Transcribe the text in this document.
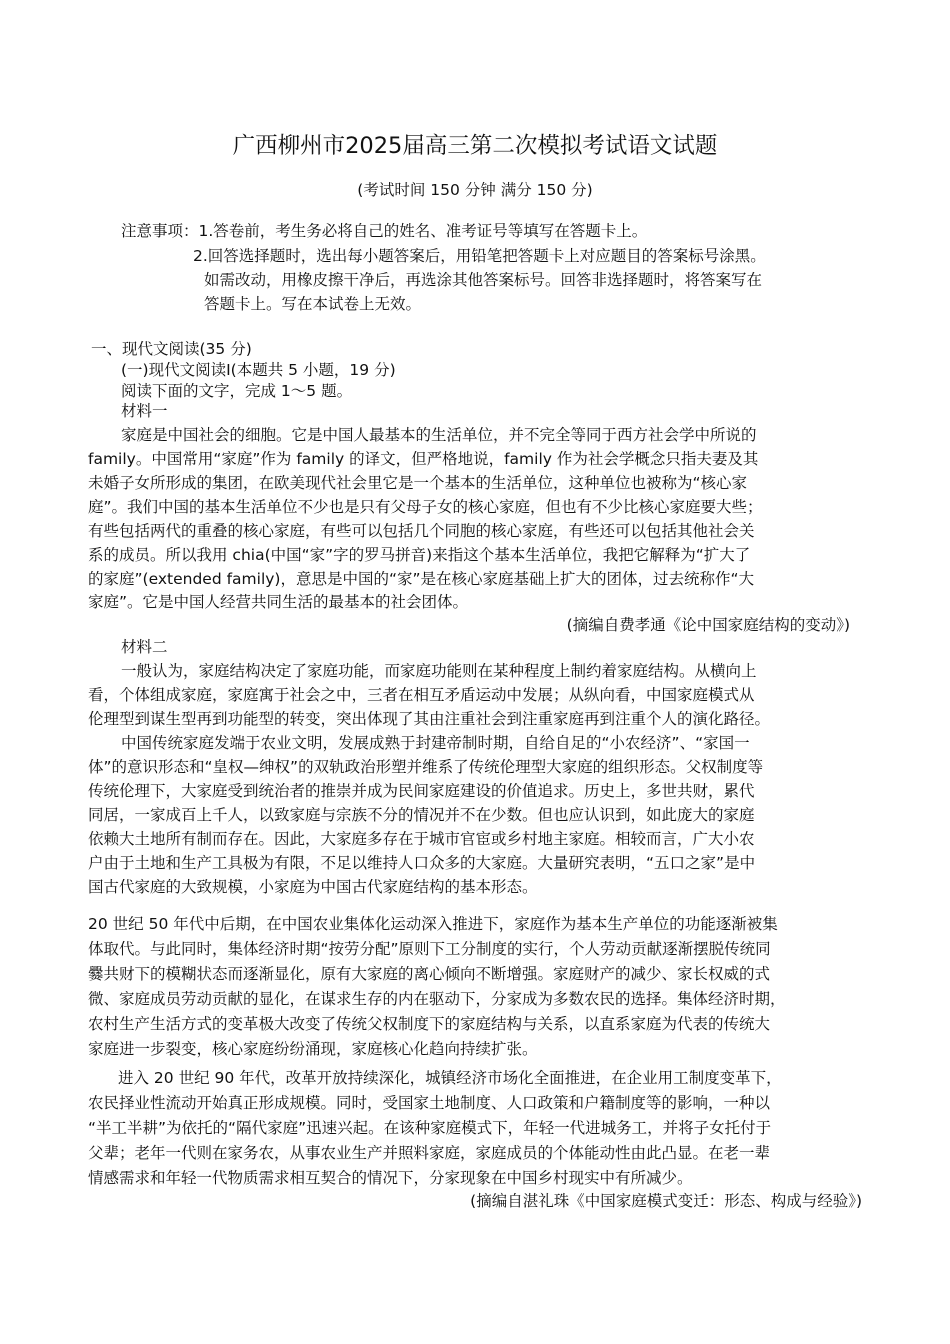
广西柳州市2025届高三第二次模拟考试语文试题
(考试时间 150 分钟 满分 150 分)
注意事项：1.答卷前，考生务必将自己的姓名、准考证号等填写在答题卡上。
2.回答选择题时，选出每小题答案后，用铅笔把答题卡上对应题目的答案标号涂黑。
如需改动，用橡皮擦干净后，再选涂其他答案标号。回答非选择题时，将答案写在
答题卡上。写在本试卷上无效。
一、现代文阅读(35 分)
(一)现代文阅读Ⅰ(本题共 5 小题，19 分)
阅读下面的文字，完成 1～5 题。
材料一
家庭是中国社会的细胞。它是中国人最基本的生活单位，并不完全等同于西方社会学中所说的
family。中国常用“家庭”作为 family 的译文，但严格地说，family 作为社会学概念只指夫妻及其
未婚子女所形成的集团，在欧美现代社会里它是一个基本的生活单位，这种单位也被称为“核心家
庭”。我们中国的基本生活单位不少也是只有父母子女的核心家庭，但也有不少比核心家庭要大些；
有些包括两代的重叠的核心家庭，有些可以包括几个同胞的核心家庭，有些还可以包括其他社会关
系的成员。所以我用 chia(中国“家”字的罗马拼音)来指这个基本生活单位，我把它解释为“扩大了
的家庭”(extended family)，意思是中国的“家”是在核心家庭基础上扩大的团体，过去统称作“大
家庭”。它是中国人经营共同生活的最基本的社会团体。
(摘编自费孝通《论中国家庭结构的变动》)
材料二
一般认为，家庭结构决定了家庭功能，而家庭功能则在某种程度上制约着家庭结构。从横向上
看，个体组成家庭，家庭寓于社会之中，三者在相互矛盾运动中发展；从纵向看，中国家庭模式从
伦理型到谋生型再到功能型的转变，突出体现了其由注重社会到注重家庭再到注重个人的演化路径。
中国传统家庭发端于农业文明，发展成熟于封建帝制时期，自给自足的“小农经济”、“家国一
体”的意识形态和“皇权—绅权”的双轨政治形塑并维系了传统伦理型大家庭的组织形态。父权制度等
传统伦理下，大家庭受到统治者的推崇并成为民间家庭建设的价值追求。历史上，多世共财，累代
同居，一家成百上千人，以致家庭与宗族不分的情况并不在少数。但也应认识到，如此庞大的家庭
依赖大土地所有制而存在。因此，大家庭多存在于城市官宦或乡村地主家庭。相较而言，广大小农
户由于土地和生产工具极为有限，不足以维持人口众多的大家庭。大量研究表明，“五口之家”是中
国古代家庭的大致规模，小家庭为中国古代家庭结构的基本形态。
20 世纪 50 年代中后期，在中国农业集体化运动深入推进下，家庭作为基本生产单位的功能逐渐被集
体取代。与此同时，集体经济时期“按劳分配”原则下工分制度的实行，个人劳动贡献逐渐摆脱传统同
爨共财下的模糊状态而逐渐显化，原有大家庭的离心倾向不断增强。家庭财产的减少、家长权威的式
微、家庭成员劳动贡献的显化，在谋求生存的内在驱动下，分家成为多数农民的选择。集体经济时期，
农村生产生活方式的变革极大改变了传统父权制度下的家庭结构与关系，以直系家庭为代表的传统大
家庭进一步裂变，核心家庭纷纷涌现，家庭核心化趋向持续扩张。
进入 20 世纪 90 年代，改革开放持续深化，城镇经济市场化全面推进，在企业用工制度变革下，
农民择业性流动开始真正形成规模。同时，受国家土地制度、人口政策和户籍制度等的影响，一种以
“半工半耕”为依托的“隔代家庭”迅速兴起。在该种家庭模式下，年轻一代进城务工，并将子女托付于
父辈；老年一代则在家务农，从事农业生产并照料家庭，家庭成员的个体能动性由此凸显。在老一辈
情感需求和年轻一代物质需求相互契合的情况下，分家现象在中国乡村现实中有所减少。
(摘编自湛礼珠《中国家庭模式变迁：形态、构成与经验》)
